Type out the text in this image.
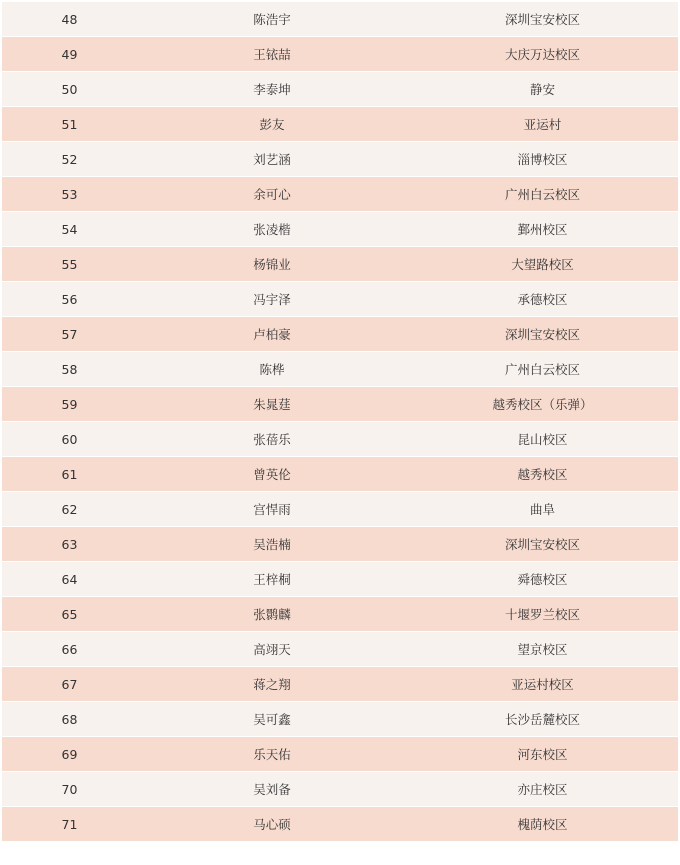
48	陈浩宇	深圳宝安校区
49	王铱喆	大庆万达校区
50	李泰坤	静安
51	彭友	亚运村
52	刘艺涵	淄博校区
53	余可心	广州白云校区
54	张凌楷	鄞州校区
55	杨锦业	大望路校区
56	冯宇泽	承德校区
57	卢柏豪	深圳宝安校区
58	陈桦	广州白云校区
59	朱晁莛	越秀校区（乐弹）
60	张蓓乐	昆山校区
61	曾英伦	越秀校区
62	宫悍雨	曲阜
63	吴浩楠	深圳宝安校区
64	王梓桐	舜德校区
65	张鹮麟	十堰罗兰校区
66	高翊天	望京校区
67	蒋之翔	亚运村校区
68	吴可鑫	长沙岳麓校区
69	乐天佑	河东校区
70	吴刘备	亦庄校区
71	马心硕	槐荫校区
